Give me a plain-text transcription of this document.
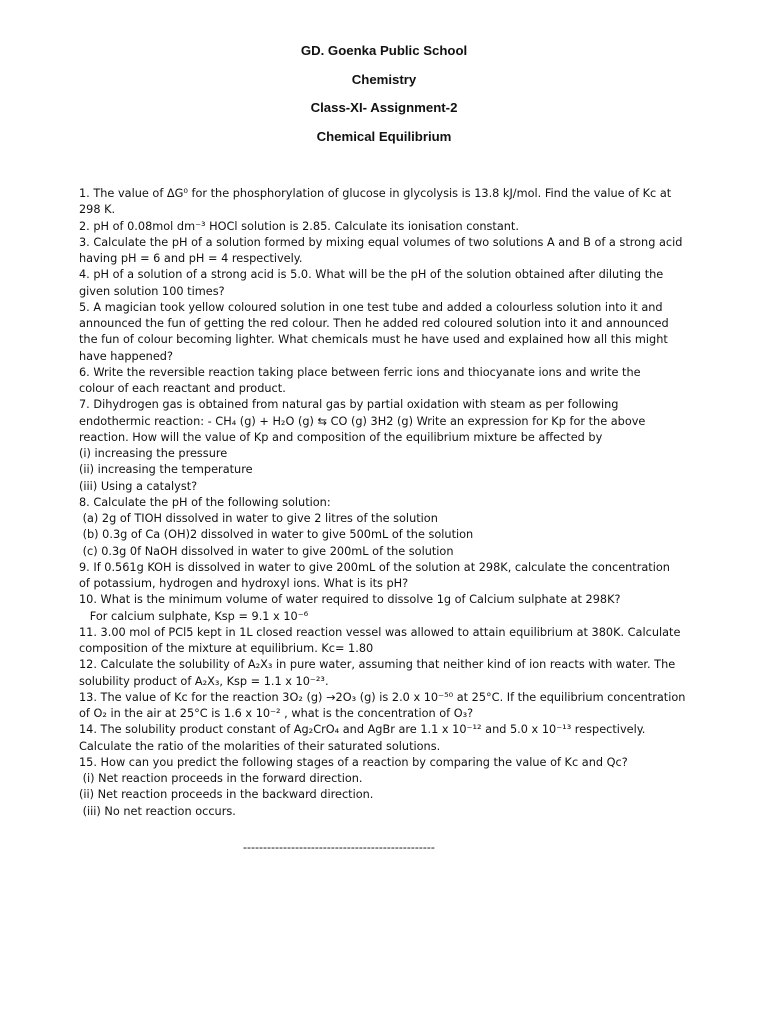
GD. Goenka Public School
Chemistry
Class-XI- Assignment-2
Chemical Equilibrium
1. The value of ΔG⁰ for the phosphorylation of glucose in glycolysis is 13.8 kJ/mol. Find the value of Kc at
298 K.
2. pH of 0.08mol dm⁻³ HOCl solution is 2.85. Calculate its ionisation constant.
3. Calculate the pH of a solution formed by mixing equal volumes of two solutions A and B of a strong acid
having pH = 6 and pH = 4 respectively.
4. pH of a solution of a strong acid is 5.0. What will be the pH of the solution obtained after diluting the
given solution 100 times?
5. A magician took yellow coloured solution in one test tube and added a colourless solution into it and
announced the fun of getting the red colour. Then he added red coloured solution into it and announced
the fun of colour becoming lighter. What chemicals must he have used and explained how all this might
have happened?
6. Write the reversible reaction taking place between ferric ions and thiocyanate ions and write the
colour of each reactant and product.
7. Dihydrogen gas is obtained from natural gas by partial oxidation with steam as per following
endothermic reaction: - CH₄ (g) + H₂O (g) ⇆ CO (g) 3H2 (g) Write an expression for Kp for the above
reaction. How will the value of Kp and composition of the equilibrium mixture be affected by
(i) increasing the pressure
(ii) increasing the temperature
(iii) Using a catalyst?
8. Calculate the pH of the following solution:
(a) 2g of TIOH dissolved in water to give 2 litres of the solution
(b) 0.3g of Ca (OH)2 dissolved in water to give 500mL of the solution
(c) 0.3g 0f NaOH dissolved in water to give 200mL of the solution
9. If 0.561g KOH is dissolved in water to give 200mL of the solution at 298K, calculate the concentration
of potassium, hydrogen and hydroxyl ions. What is its pH?
10. What is the minimum volume of water required to dissolve 1g of Calcium sulphate at 298K?
For calcium sulphate, Ksp = 9.1 x 10⁻⁶
11. 3.00 mol of PCl5 kept in 1L closed reaction vessel was allowed to attain equilibrium at 380K. Calculate
composition of the mixture at equilibrium. Kc= 1.80
12. Calculate the solubility of A₂X₃ in pure water, assuming that neither kind of ion reacts with water. The
solubility product of A₂X₃, Ksp = 1.1 x 10⁻²³.
13. The value of Kc for the reaction 3O₂ (g) →2O₃ (g) is 2.0 x 10⁻⁵⁰ at 25°C. If the equilibrium concentration
of O₂ in the air at 25°C is 1.6 x 10⁻² , what is the concentration of O₃?
14. The solubility product constant of Ag₂CrO₄ and AgBr are 1.1 x 10⁻¹² and 5.0 x 10⁻¹³ respectively.
Calculate the ratio of the molarities of their saturated solutions.
15. How can you predict the following stages of a reaction by comparing the value of Kc and Qc?
(i) Net reaction proceeds in the forward direction.
(ii) Net reaction proceeds in the backward direction.
(iii) No net reaction occurs.
------------------------------------------------
